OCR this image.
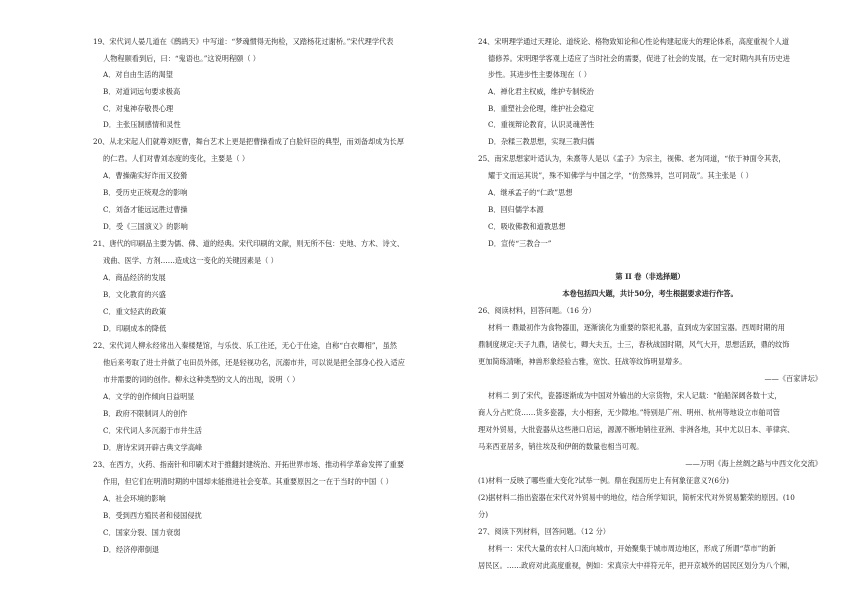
19、宋代词人晏几道在《鹧鸪天》中写道：“梦魂惯得无拘检，又踏杨花过谢桥。”宋代理学代表
人物程颐看到后，曰：“鬼语也。”这说明程颐（ ）
A．对自由生活的渴望
B．对道词远句要求极高
C．对鬼神存敬畏心理
D．主张压制感情和灵性
20、从北宋起人们就尊刘贬曹，舞台艺术上更是把曹操看成了白脸奸臣的典型，而刘备却成为长厚
的仁君。人们对曹刘态度的变化，主要是（ ）
A．曹操确实好诈而又狡猾
B．受历史正统观念的影响
C．刘备才能远远胜过曹操
D．受《三国演义》的影响
21、唐代的印刷品主要为儒、佛、道的经典。宋代印刷的文献，则无所不包：史地、方术、诗文、
戏曲、医学、方剂……造成这一变化的关键因素是（ ）
A．商品经济的发展
B．文化教育的兴盛
C．重文轻武的政策
D．印刷成本的降低
22、宋代词人柳永经常出入秦楼楚馆，与乐伎、乐工往还，无心于仕途，自称“白衣卿相”，虽然
他后来考取了进士并做了屯田员外郎，还是轻视功名，沉溺市井，可以说是把全部身心投入适应
市井需要的词的创作。柳永这种类型的文人的出现，说明（ ）
A．文学的创作倾向日益明显
B．政府不限制词人的创作
C．宋代词人多沉溺于市井生活
D．唐诗宋词开辟古典文学高峰
23、在西方，火药、指南针和印刷术对于推翻封建统治、开拓世界市场、推动科学革命发挥了重要
作用，但它们在明清时期的中国却未能推进社会变革。其重要原因之一在于当时的中国（ ）
A．社会环境的影响
B．受到西方殖民者和侵国侵扰
C．国家分裂、国力衰弱
D．经济停滞倒退
24、宋明理学通过天理论、道统论、格物致知论和心性论构建起庞大的理论体系，高度重视个人道
德修养。宋明理学客观上适应了当时社会的需要，促进了社会的发展，在一定时期内具有历史进
步性。其进步性主要体现在（ ）
A．禅化君主权威，维护专制统治
B．重塑社会伦理，维护社会稳定
C．重视辩论教育，认识灵魂善性
D．杂糅三教思想，实现三教归儒
25、南宋思想家叶适认为，朱熹等人是以《孟子》为宗主，视佛、老为同道，“依于神面令其表，
耀于文而运其说”，殊不知佛学与中国之学，“仿然殊异，岂可同哉”。其主张是（ ）
A．继承孟子的“仁政”思想
B．回归儒学本源
C．吸收佛教和道教思想
D．宣传“三教合一”
第 II 卷（非选择题）
本卷包括四大题，共计50分，考生根据要求进行作答。
26、阅读材料，回答问题。（16 分）
材料一 鼎最初作为食物器皿，逐渐演化为重要的祭祀礼器，直到成为家国宝器。西周时期的用
鼎制度规定:天子九鼎，诸侯七，卿大夫五，士三，春秋战国时期，风气大开，思想活跃，鼎的纹饰
更加简练清晰，神兽形象经验古雅，宽饮、狂战等纹饰明显增多。
——《百家讲坛》
材料二 到了宋代，瓷器逐渐成为中国对外输出的大宗货物，宋人记载：“舶船深阔各数十丈，
商人分占贮货……货多瓷器，大小相套，无少隙地。”特别是广州、明州、杭州等地设立市舶司管
理对外贸易，大批瓷器从这些港口启运，源源不断地销往亚洲、非洲各地，其中尤以日本、菲律宾、
马来西亚居多，销往埃及和伊朗的数量也相当可观。
——万明《海上丝绸之路与中西文化交流》
(1)材料一反映了哪些重大变化?试举一例。鼎在我国历史上有何象征意义?(6分)
(2)据材料二指出瓷器在宋代对外贸易中的地位，结合所学知识，简析宋代对外贸易繁荣的原因。(10
分)
27、阅读下列材料，回答问题。（12 分）
材料一：宋代大量的农村人口流向城市，开始聚集于城市周边地区，形成了所谓“草市”的新
居民区。……政府对此高度重视，例如：宋真宗大中祥符元年，把开京城外的居民区划分为八个厢，
